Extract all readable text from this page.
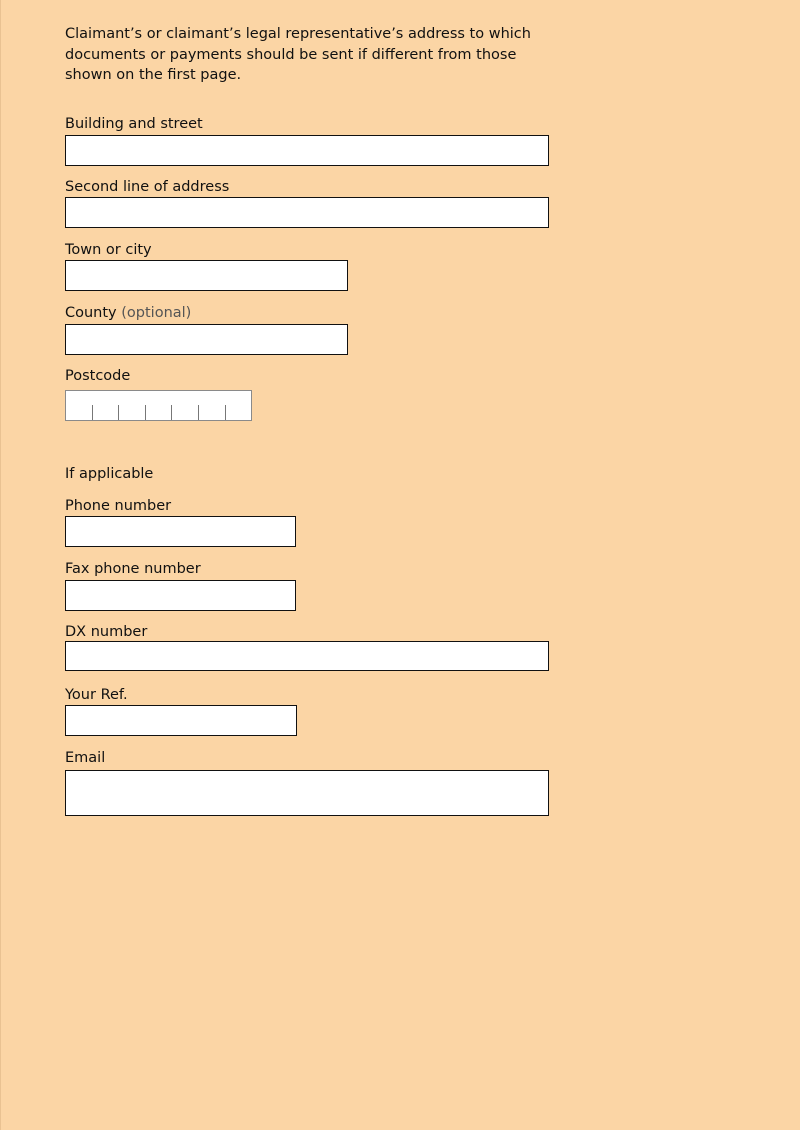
Claimant’s or claimant’s legal representative’s address to which documents or payments should be sent if different from those shown on the first page.

Building and street

Second line of address

Town or city

County (optional)

Postcode

If applicable

Phone number

Fax phone number

DX number

Your Ref.

Email
